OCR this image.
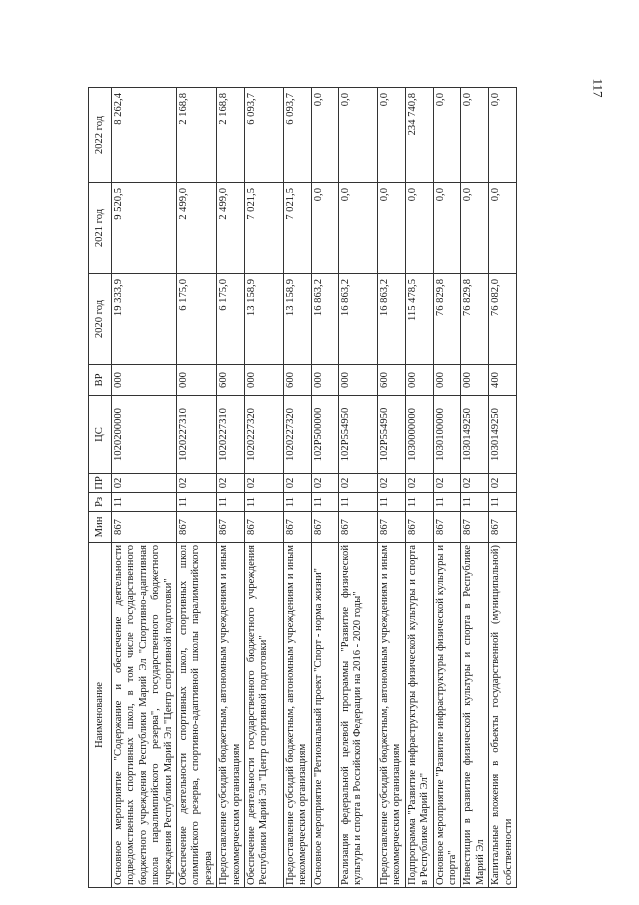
117
Наименование	Мин	Рз	ПР	ЦС	ВР	2020 год	2021 год	2022 год
Основное мероприятие "Содержание и обеспечение деятельности подведомственных спортивных школ, в том числе государственного бюджетного учреждения Республики Марий Эл "Спортивно-адаптивная школа паралимпийского резерва", государственного бюджетного учреждения Республики Марий Эл "Центр спортивной подготовки"	867	11	02	1020200000	000	19 333,9	9 520,5	8 262,4
Обеспечение деятельности спортивных школ, спортивных школ олимпийского резерва, спортивно-адаптивной школы паралимпийского резерва	867	11	02	1020227310	000	6 175,0	2 499,0	2 168,8
Предоставление субсидий бюджетным, автономным учреждениям и иным некоммерческим организациям	867	11	02	1020227310	600	6 175,0	2 499,0	2 168,8
Обеспечение деятельности государственного бюджетного учреждения Республики Марий Эл "Центр спортивной подготовки"	867	11	02	1020227320	000	13 158,9	7 021,5	6 093,7
Предоставление субсидий бюджетным, автономным учреждениям и иным некоммерческим организациям	867	11	02	1020227320	600	13 158,9	7 021,5	6 093,7
Основное мероприятие "Региональный проект "Спорт - норма жизни"	867	11	02	102P500000	000	16 863,2	0,0	0,0
Реализация федеральной целевой программы "Развитие физической культуры и спорта в Российской Федерации на 2016 - 2020 годы"	867	11	02	102P554950	000	16 863,2	0,0	0,0
Предоставление субсидий бюджетным, автономным учреждениям и иным некоммерческим организациям	867	11	02	102P554950	600	16 863,2	0,0	0,0
Подпрограмма "Развитие инфраструктуры физической культуры и спорта в Республике Марий Эл"	867	11	02	1030000000	000	115 478,5	0,0	234 740,8
Основное мероприятие "Развитие инфраструктуры физической культуры и спорта"	867	11	02	1030100000	000	76 829,8	0,0	0,0
Инвестиции в развитие физической культуры и спорта в Республике Марий Эл	867	11	02	1030149250	000	76 829,8	0,0	0,0
Капитальные вложения в объекты государственной (муниципальной) собственности	867	11	02	1030149250	400	76 082,0	0,0	0,0
